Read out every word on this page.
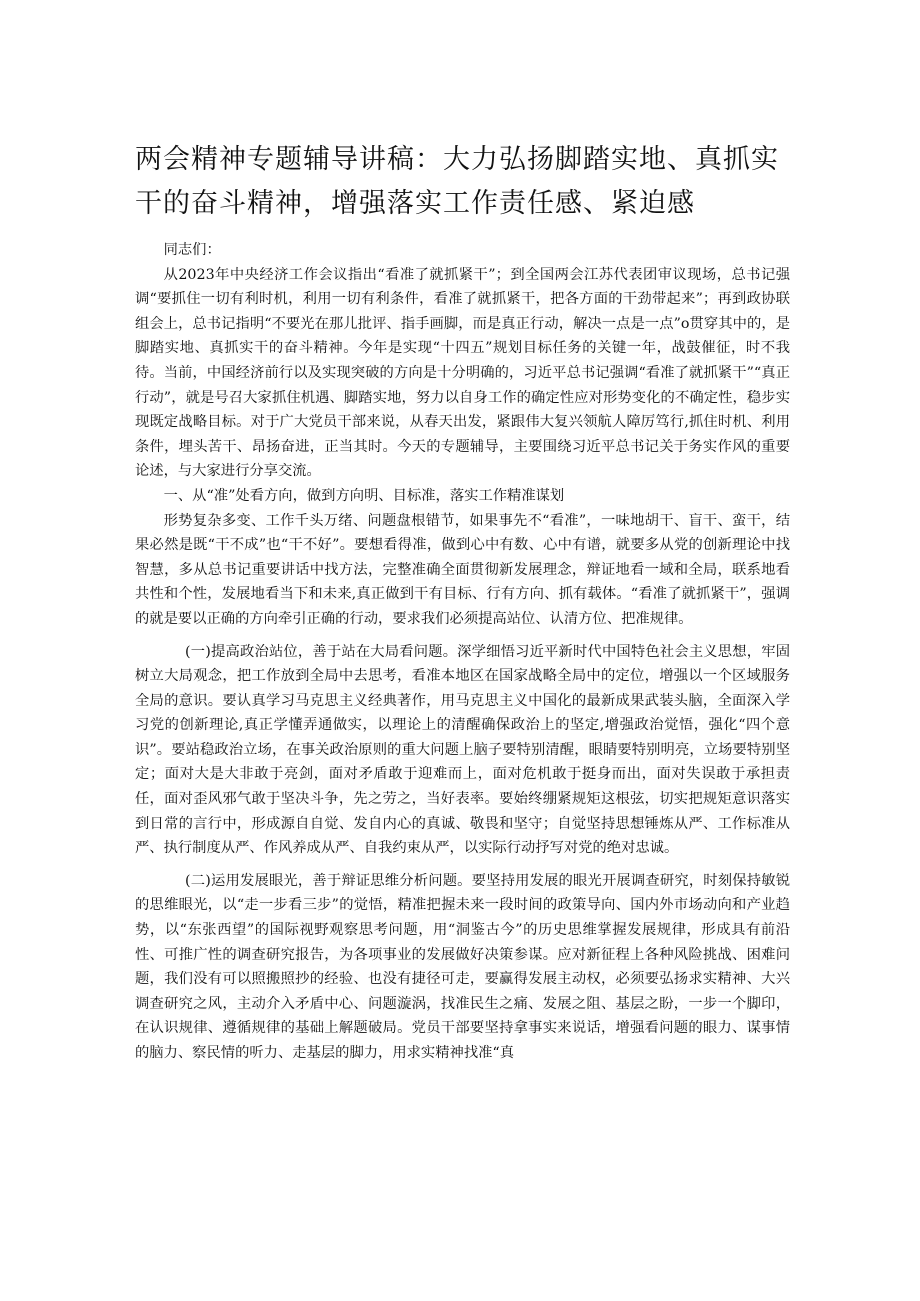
两会精神专题辅导讲稿：大力弘扬脚踏实地、真抓实干的奋斗精神，增强落实工作责任感、紧迫感

同志们：

从2023年中央经济工作会议指出“看准了就抓紧干”；到全国两会江苏代表团审议现场，总书记强调“要抓住一切有利时机，利用一切有利条件，看准了就抓紧干，把各方面的干劲带起来”；再到政协联组会上，总书记指明“不要光在那儿批评、指手画脚，而是真正行动，解决一点是一点”o贯穿其中的，是脚踏实地、真抓实干的奋斗精神。今年是实现“十四五”规划目标任务的关键一年，战鼓催征，时不我待。当前，中国经济前行以及实现突破的方向是十分明确的，习近平总书记强调“看准了就抓紧干”“真正行动”，就是号召大家抓住机遇、脚踏实地，努力以自身工作的确定性应对形势变化的不确定性，稳步实现既定战略目标。对于广大党员干部来说，从春天出发，紧跟伟大复兴领航人障厉笃行,抓住时机、利用条件，埋头苦干、昂扬奋进，正当其时。今天的专题辅导，主要围绕习近平总书记关于务实作风的重要论述，与大家进行分享交流。

一、从“准”处看方向，做到方向明、目标准，落实工作精准谋划

形势复杂多变、工作千头万绪、问题盘根错节，如果事先不“看准”，一味地胡干、盲干、蛮干，结果必然是既“干不成”也“干不好”。要想看得准，做到心中有数、心中有谱，就要多从党的创新理论中找智慧，多从总书记重要讲话中找方法，完整准确全面贯彻新发展理念，辩证地看一域和全局，联系地看共性和个性，发展地看当下和未来,真正做到干有目标、行有方向、抓有载体。“看准了就抓紧干”，强调的就是要以正确的方向牵引正确的行动，要求我们必须提高站位、认清方位、把准规律。

(一)提高政治站位，善于站在大局看问题。深学细悟习近平新时代中国特色社会主义思想，牢固树立大局观念，把工作放到全局中去思考，看准本地区在国家战略全局中的定位，增强以一个区域服务全局的意识。要认真学习马克思主义经典著作，用马克思主义中国化的最新成果武装头脑，全面深入学习党的创新理论,真正学懂弄通做实，以理论上的清醒确保政治上的坚定,增强政治觉悟，强化“四个意识”。要站稳政治立场，在事关政治原则的重大问题上脑子要特别清醒，眼睛要特别明亮，立场要特别坚定；面对大是大非敢于亮剑，面对矛盾敢于迎难而上，面对危机敢于挺身而出，面对失误敢于承担责任，面对歪风邪气敢于坚决斗争，先之劳之，当好表率。要始终绷紧规矩这根弦，切实把规矩意识落实到日常的言行中，形成源自自觉、发自内心的真诚、敬畏和坚守；自觉坚持思想锤炼从严、工作标准从严、执行制度从严、作风养成从严、自我约束从严，以实际行动抒写对党的绝对忠诚。

(二)运用发展眼光，善于辩证思维分析问题。要坚持用发展的眼光开展调查研究，时刻保持敏锐的思维眼光，以“走一步看三步”的觉悟，精准把握未来一段时间的政策导向、国内外市场动向和产业趋势，以“东张西望”的国际视野观察思考问题，用“洞鉴古今”的历史思维掌握发展规律，形成具有前沿性、可推广性的调查研究报告，为各项事业的发展做好决策参谋。应对新征程上各种风险挑战、困难问题，我们没有可以照搬照抄的经验、也没有捷径可走，要赢得发展主动权，必须要弘扬求实精神、大兴调查研究之风，主动介入矛盾中心、问题漩涡，找准民生之痛、发展之阻、基层之盼，一步一个脚印，在认识规律、遵循规律的基础上解题破局。党员干部要坚持拿事实来说话，增强看问题的眼力、谋事情的脑力、察民情的听力、走基层的脚力，用求实精神找准“真
